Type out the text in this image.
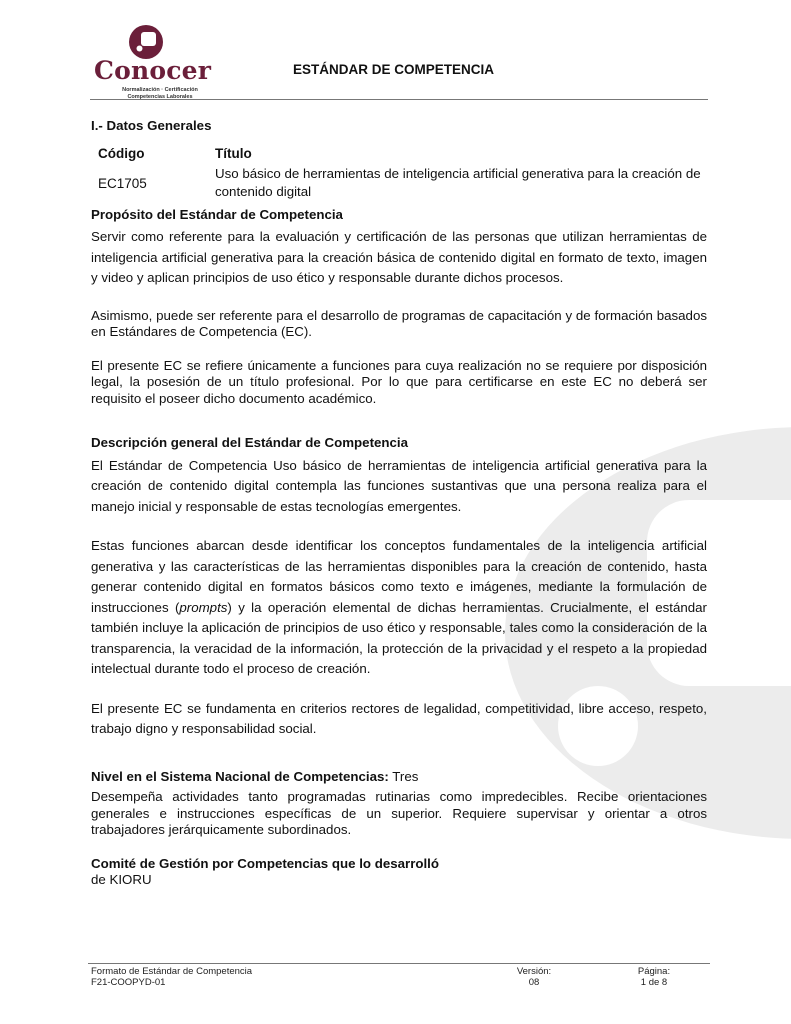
Conocer
Normalización · Certificación
Competencias Laborales
ESTÁNDAR DE COMPETENCIA
I.- Datos Generales
Código	Título
EC1705
Uso básico de herramientas de inteligencia artificial generativa para la creación de contenido digital
Propósito del Estándar de Competencia

Servir como referente para la evaluación y certificación de las personas que utilizan herramientas de inteligencia artificial generativa para la creación básica de contenido digital en formato de texto, imagen y video y aplican principios de uso ético y responsable durante dichos procesos.

Asimismo, puede ser referente para el desarrollo de programas de capacitación y de formación basados en Estándares de Competencia (EC).

El presente EC se refiere únicamente a funciones para cuya realización no se requiere por disposición legal, la posesión de un título profesional. Por lo que para certificarse en este EC no deberá ser requisito el poseer dicho documento académico.

Descripción general del Estándar de Competencia

El Estándar de Competencia Uso básico de herramientas de inteligencia artificial generativa para la creación de contenido digital contempla las funciones sustantivas que una persona realiza para el manejo inicial y responsable de estas tecnologías emergentes.

Estas funciones abarcan desde identificar los conceptos fundamentales de la inteligencia artificial generativa y las características de las herramientas disponibles para la creación de contenido, hasta generar contenido digital en formatos básicos como texto e imágenes, mediante la formulación de instrucciones (prompts) y la operación elemental de dichas herramientas. Crucialmente, el estándar también incluye la aplicación de principios de uso ético y responsable, tales como la consideración de la transparencia, la veracidad de la información, la protección de la privacidad y el respeto a la propiedad intelectual durante todo el proceso de creación.

El presente EC se fundamenta en criterios rectores de legalidad, competitividad, libre acceso, respeto, trabajo digno y responsabilidad social.

Nivel en el Sistema Nacional de Competencias: Tres

Desempeña actividades tanto programadas rutinarias como impredecibles. Recibe orientaciones generales e instrucciones específicas de un superior. Requiere supervisar y orientar a otros trabajadores jerárquicamente subordinados.

Comité de Gestión por Competencias que lo desarrolló

de KIORU

Formato de Estándar de Competencia
F21-COOPYD-01
Versión:
08
Página:
1 de 8
